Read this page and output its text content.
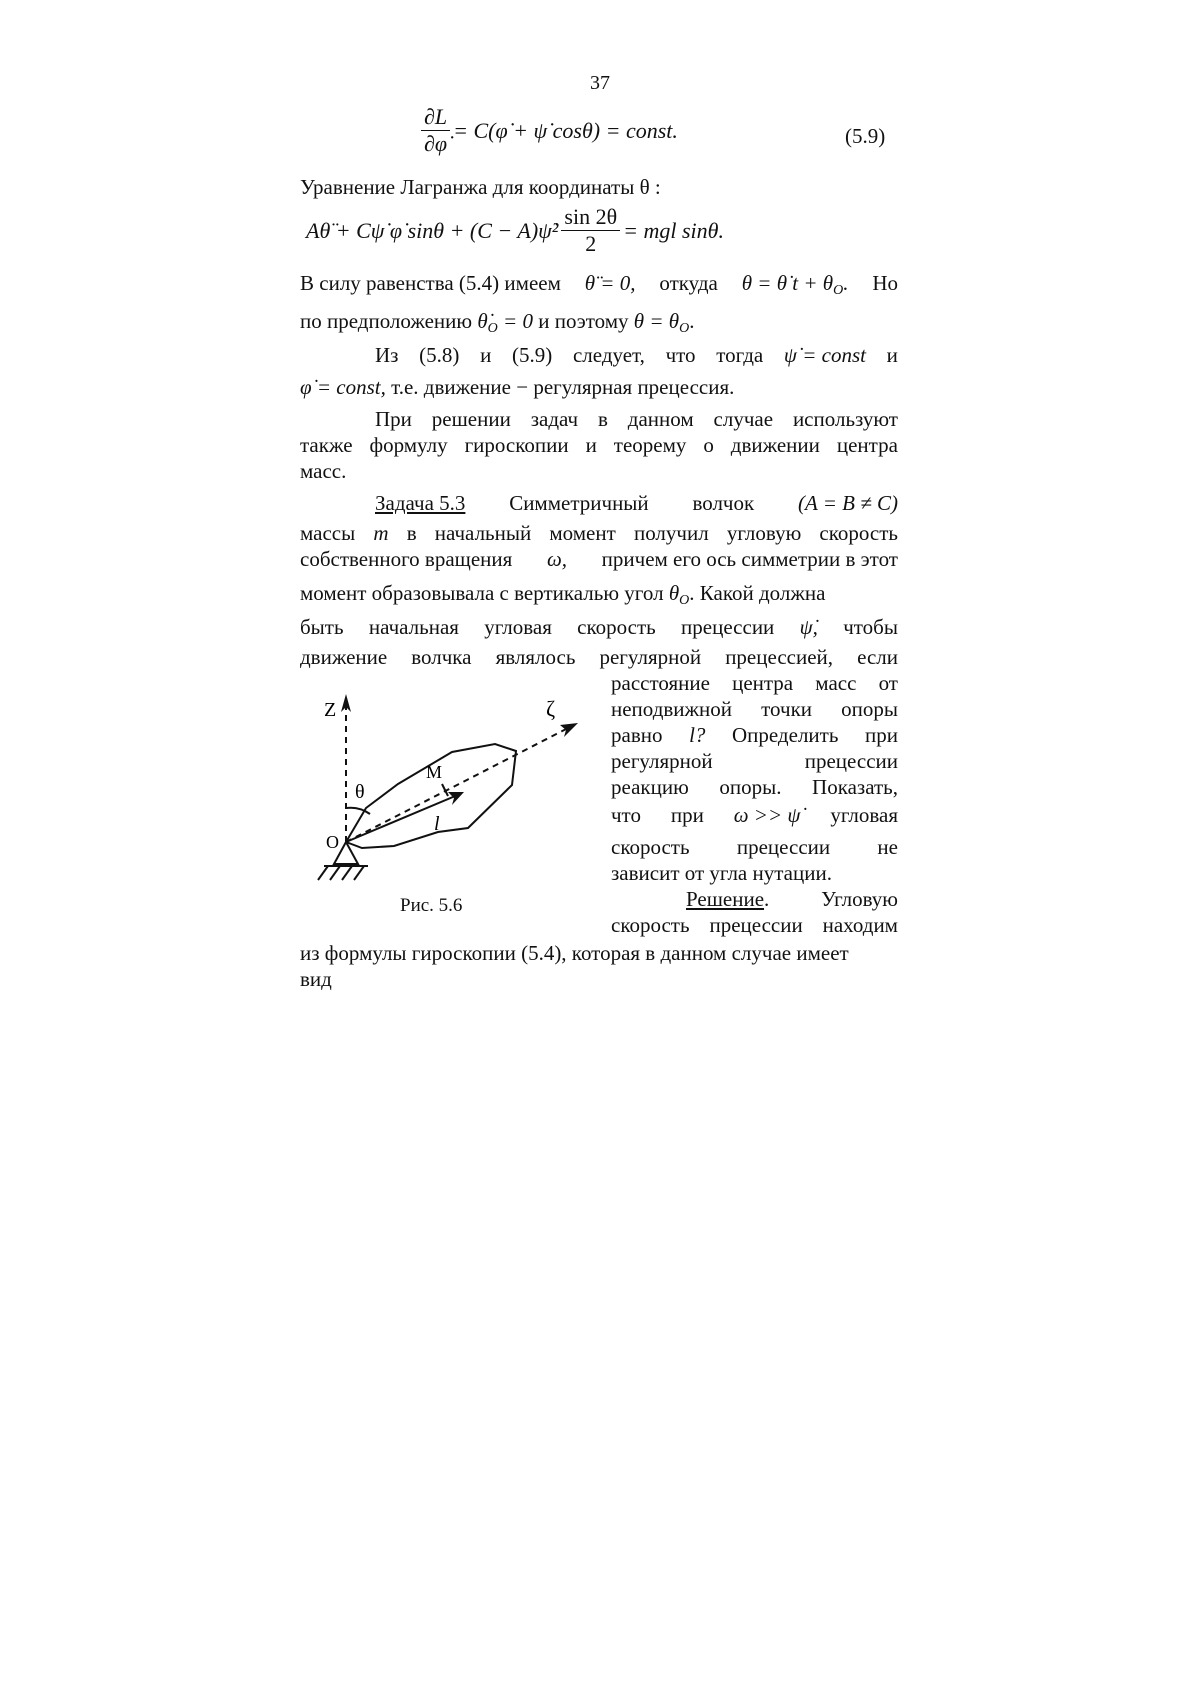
37
$\frac{\partial L}{\partial\varphi̇}$ = C(φ̇ + ψ̇ cosθ) = const.	(5.9)
Уравнение Лагранжа для координаты θ :
Aθ̈ + Cψ̇ φ̇ sinθ + (C − A)ψ̇² $\frac{\sin 2\theta}{2}$ = mgl sinθ.
В силу равенства (5.4) имеем θ̈ = 0, откуда θ = θ̇ $t + \theta_O$. Но
по предположению $\thetȧ_O = 0$ и поэтому $\theta = \theta_O$.
Из (5.8) и (5.9) следует, что тогда ψ̇ = const и
φ̇ = const, т.е. движение − регулярная прецессия.
При решении задач в данном случае используют
также формулу гироскопии и теорему о движении центра
масс.
Задача 5.3 Симметричный волчок (A = B ≠ C)
массы m в начальный момент получил угловую скорость
собственного вращения ω, причем его ось симметрии в этот
момент образовывала с вертикалью угол $\theta_O$. Какой должна
быть начальная угловая скорость прецессии ψ̇, чтобы
движение волчка являлось регулярной прецессией, если
расстояние центра масс от
неподвижной точки опоры
равно l? Определить при
регулярной	прецессии
реакцию опоры. Показать,
что при ω >> ψ̇ угловая
скорость прецессии не
зависит от угла нутации.
Решение. Угловую
скорость прецессии находим
из формулы гироскопии (5.4), которая в данном случае имеет
вид
Z	ζ
θ
M
O
l
Рис. 5.6
